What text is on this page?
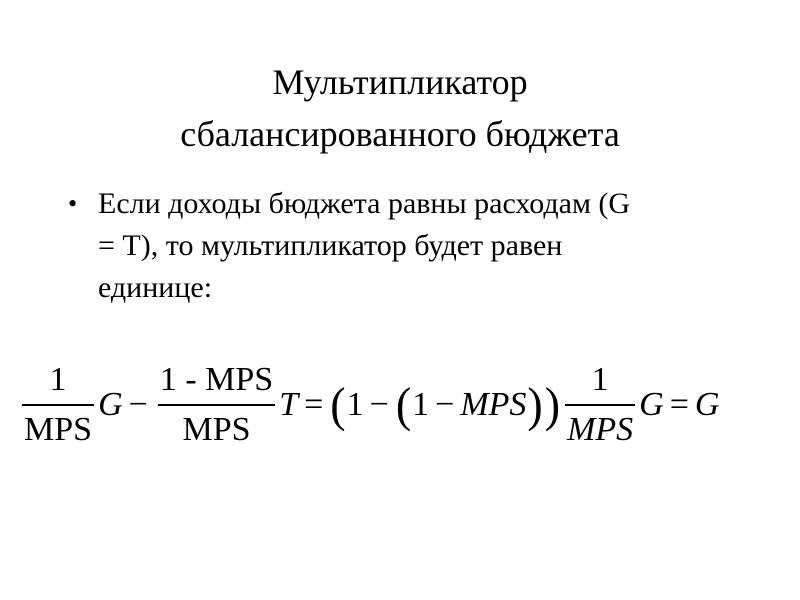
Мультипликатор
сбалансированного бюджета
• Если доходы бюджета равны расходам (G
= Т), то мультипликатор будет равен
единице:
$\frac{1}{\text{MPS}}$ $G - \frac{\text{1 - MPS}}{\text{MPS}}$ T = ( 1 − ( 1 − MPS ) ) $\frac{1}{\text{MPS}}$ G = G
